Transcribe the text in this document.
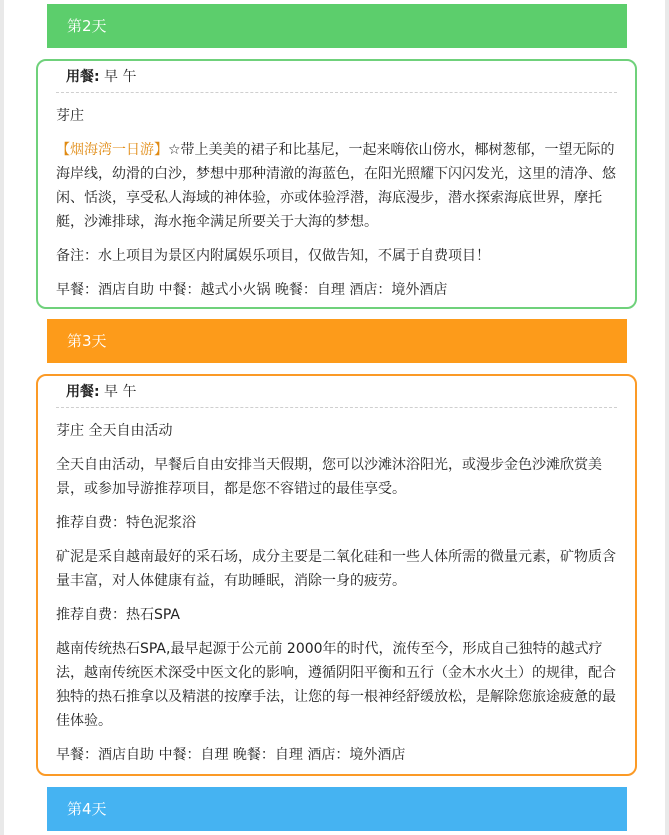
第2天
用餐: 早 午

芽庄

【烟海湾一日游】☆带上美美的裙子和比基尼，一起来嗨依山傍水，椰树葱郁，一望无际的海岸线，幼滑的白沙，梦想中那种清澈的海蓝色，在阳光照耀下闪闪发光，这里的清净、悠闲、恬淡，享受私人海域的神体验，亦或体验浮潜，海底漫步，潜水探索海底世界，摩托艇，沙滩排球，海水拖伞满足所要关于大海的梦想。

备注：水上项目为景区内附属娱乐项目，仅做告知，不属于自费项目！

早餐：酒店自助 中餐：越式小火锅 晚餐：自理 酒店：境外酒店

第3天
用餐: 早 午

芽庄 全天自由活动

全天自由活动，早餐后自由安排当天假期，您可以沙滩沐浴阳光，或漫步金色沙滩欣赏美景，或参加导游推荐项目，都是您不容错过的最佳享受。

推荐自费：特色泥浆浴

矿泥是采自越南最好的采石场，成分主要是二氧化硅和一些人体所需的微量元素，矿物质含量丰富，对人体健康有益，有助睡眠，消除一身的疲劳。

推荐自费：热石SPA

越南传统热石SPA,最早起源于公元前 2000年的时代，流传至今，形成自己独特的越式疗法，越南传统医术深受中医文化的影响，遵循阴阳平衡和五行（金木水火土）的规律，配合独特的热石推拿以及精湛的按摩手法，让您的每一根神经舒缓放松，是解除您旅途疲惫的最佳体验。

早餐：酒店自助 中餐：自理 晚餐：自理 酒店：境外酒店

第4天
